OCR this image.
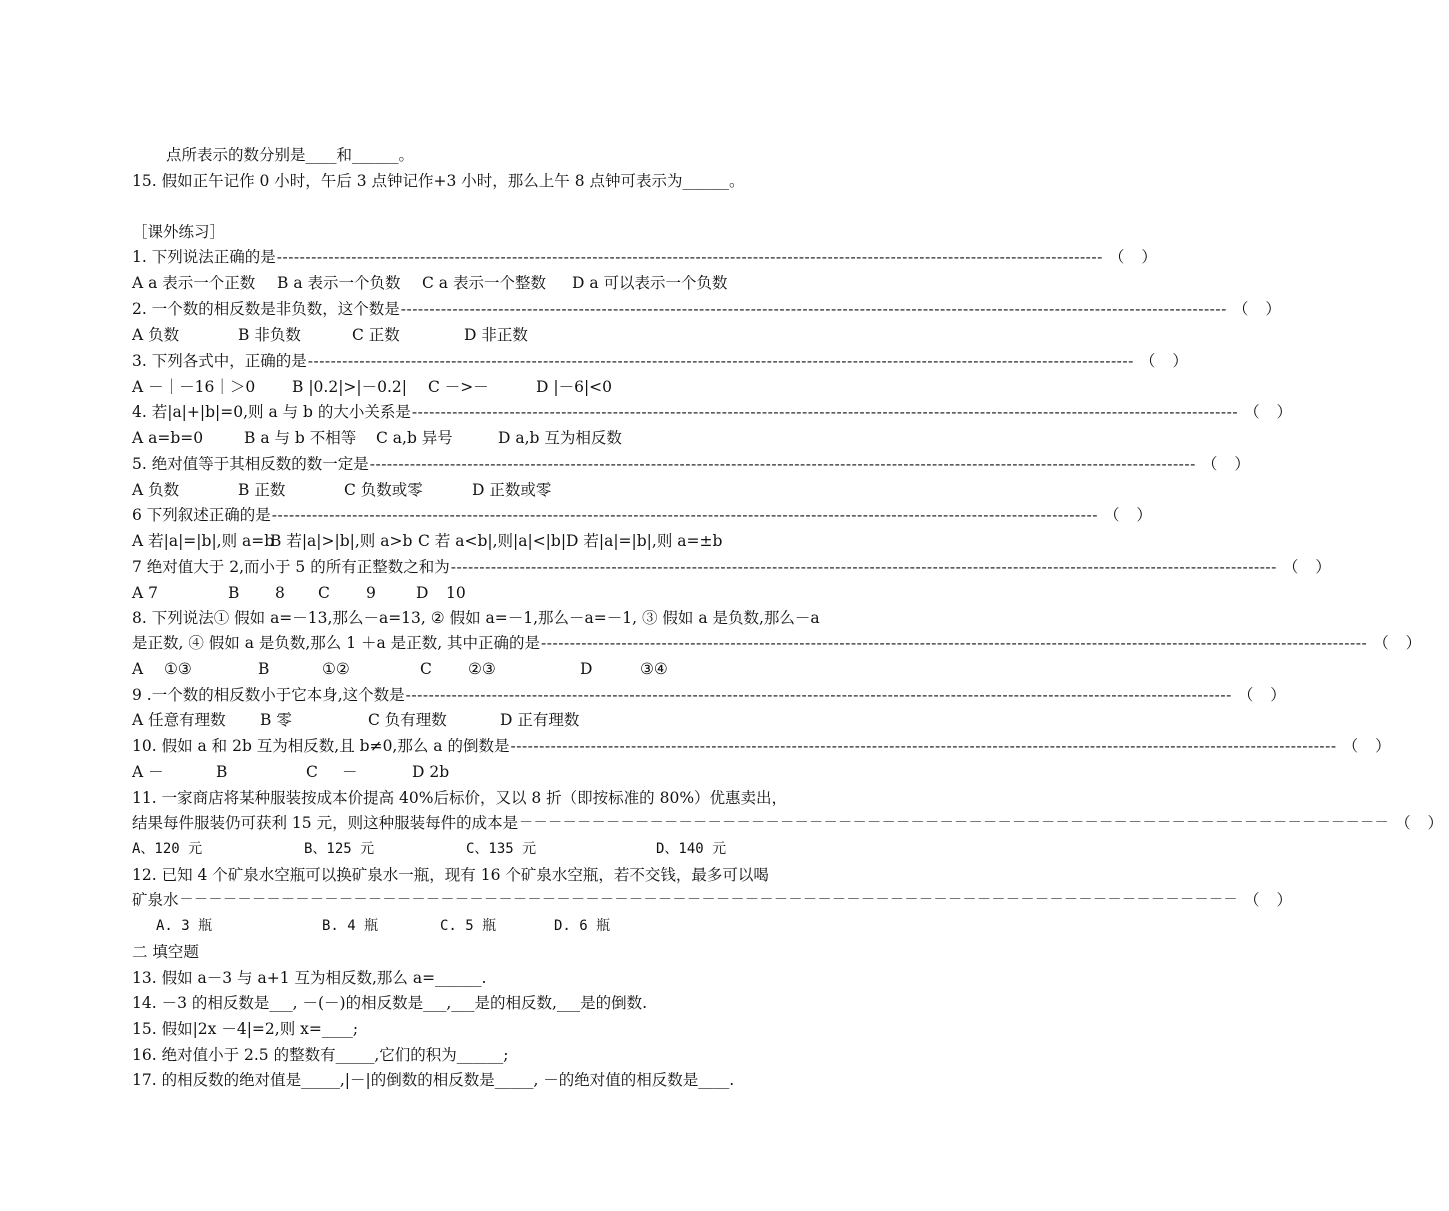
点所表示的数分别是____和______。
15. 假如正午记作 0 小时，午后 3 点钟记作+3 小时，那么上午 8 点钟可表示为______。
［课外练习］
1. 下列说法正确的是 ------------------------------------------------------------------------------------------------------------------------------------------------ （ ）
A a 表示一个正数 B a 表示一个负数 C a 表示一个整数 D a 可以表示一个负数
2. 一个数的相反数是非负数，这个数是 ------------------------------------------------------------------------------------------------------------------------------------------------ （ ）
A 负数	B 非负数	C 正数	D 非正数
3. 下列各式中，正确的是 ------------------------------------------------------------------------------------------------------------------------------------------------ （ ）
A －｜－16｜＞0 B |0.2|>|－0.2| C －>－	D |－6|<0
4. 若|a|+|b|=0,则 a 与 b 的大小关系是 ------------------------------------------------------------------------------------------------------------------------------------------------ （ ）
A a=b=0	B a 与 b 不相等 C a,b 异号	D a,b 互为相反数
5. 绝对值等于其相反数的数一定是 ------------------------------------------------------------------------------------------------------------------------------------------------ （ ）
A 负数	B 正数	C 负数或零	D 正数或零
6 下列叙述正确的是 ------------------------------------------------------------------------------------------------------------------------------------------------ （ ）
A 若|a|=|b|,则 a=b
B 若|a|>|b|,则 a>b C 若 a<b|,则|a|<|b| D 若|a|=|b|,则 a=±b
7 绝对值大于 2,而小于 5 的所有正整数之和为 ------------------------------------------------------------------------------------------------------------------------------------------------ （ ）
A 7	B 8 C 9	D 10
8. 下列说法① 假如 a=－13,那么－a=13, ② 假如 a=－1,那么－a=－1, ③ 假如 a 是负数,那么－a
是正数, ④ 假如 a 是负数,那么 1 ＋a 是正数, 其中正确的是 ------------------------------------------------------------------------------------------------------------------------------------------------ （ ）
A ①③	B	①②	C ②③	D	③④
9 .一个数的相反数小于它本身,这个数是 ------------------------------------------------------------------------------------------------------------------------------------------------ （ ）
A 任意有理数 B 零	C 负有理数	D 正有理数
10. 假如 a 和 2b 互为相反数,且 b≠0,那么 a 的倒数是 ------------------------------------------------------------------------------------------------------------------------------------------------ （ ）
A －	B	C －	D 2b
11. 一家商店将某种服装按成本价提高 40%后标价，又以 8 折（即按标准的 80%）优惠卖出，
结果每件服装仍可获利 15 元，则这种服装每件的成本是 －－－－－－－－－－－－－－－－－－－－－－－－－－－－－－－－－－－－－－－－－－－－－－－－－－－－－－－－－－－－ （ ）
A、120 元	B、125 元	C、135 元	D、140 元
12. 已知 4 个矿泉水空瓶可以换矿泉水一瓶，现有 16 个矿泉水空瓶，若不交钱，最多可以喝
矿泉水 －－－－－－－－－－－－－－－－－－－－－－－－－－－－－－－－－－－－－－－－－－－－－－－－－－－－－－－－－－－－－－－－－－－－－－－－－ （ ）
A. 3 瓶	B. 4 瓶	C. 5 瓶	D. 6 瓶
二 填空题
13. 假如 a－3 与 a+1 互为相反数,那么 a=______.
14. －3 的相反数是___, －(－)的相反数是___,___是的相反数,___是的倒数.
15. 假如|2x －4|=2,则 x=____;
16. 绝对值小于 2.5 的整数有_____,它们的积为______;
17. 的相反数的绝对值是_____,|－|的倒数的相反数是_____, －的绝对值的相反数是____.
